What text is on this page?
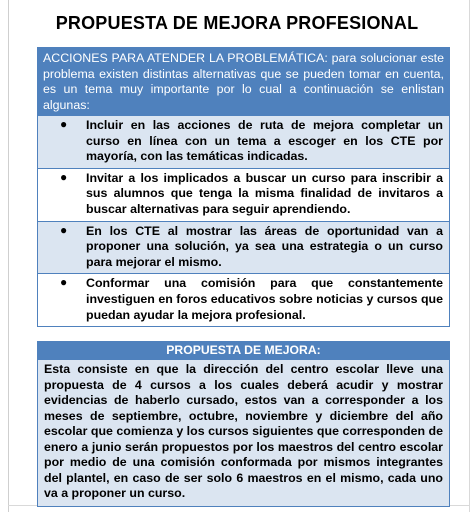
PROPUESTA DE MEJORA PROFESIONAL
ACCIONES PARA ATENDER LA PROBLEMÁTICA: para solucionar este problema existen distintas alternativas que se pueden tomar en cuenta, es un tema muy importante por lo cual a continuación se enlistan algunas:
● Incluir en las acciones de ruta de mejora completar un curso en línea con un tema a escoger en los CTE por mayoría, con las temáticas indicadas.
● Invitar a los implicados a buscar un curso para inscribir a sus alumnos que tenga la misma finalidad de invitaros a buscar alternativas para seguir aprendiendo.
● En los CTE al mostrar las áreas de oportunidad van a proponer una solución, ya sea una estrategia o un curso para mejorar el mismo.
● Conformar una comisión para que constantemente investiguen en foros educativos sobre noticias y cursos que puedan ayudar la mejora profesional.
PROPUESTA DE MEJORA:
Esta consiste en que la dirección del centro escolar lleve una propuesta de 4 cursos a los cuales deberá acudir y mostrar evidencias de haberlo cursado, estos van a corresponder a los meses de septiembre, octubre, noviembre y diciembre del año escolar que comienza y los cursos siguientes que corresponden de enero a junio serán propuestos por los maestros del centro escolar por medio de una comisión conformada por mismos integrantes del plantel, en caso de ser solo 6 maestros en el mismo, cada uno va a proponer un curso.
